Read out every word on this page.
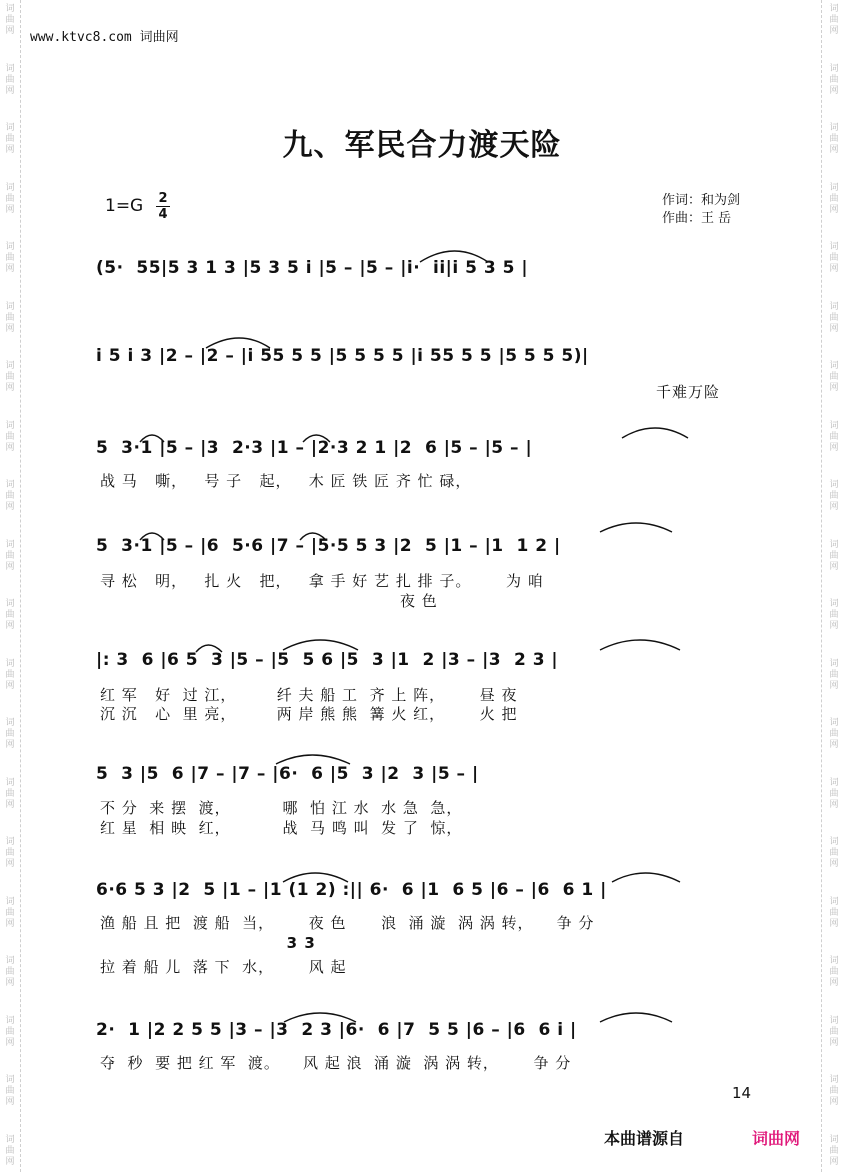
词
曲
网
词
曲
网
词
曲
网
词
曲
网
词
曲
网
词
曲
网
词
曲
网
词
曲
网
词
曲
网
词
曲
网
词
曲
网
词
曲
网
词
曲
网
词
曲
网
词
曲
网
词
曲
网
词
曲
网
词
曲
网
词
曲
网
词
曲
网
词
曲
网
词
曲
网
词
曲
网
词
曲
网
词
曲
网
词
曲
网
词
曲
网
词
曲
网
词
曲
网
词
曲
网
词
曲
网
词
曲
网
词
曲
网
词
曲
网
词
曲
网
词
曲
网
词
曲
网
词
曲
网
词
曲
网
词
曲
网
www.ktvc8.com 词曲网
九、军民合力渡天险
1=G 2
4
作词：和为剑
作曲：王 岳
(5·  55|5 3 1 3 |5 3 5 i |5 – |5 – |i·  ii|i 5 3 5 |
i 5 i 3 |2 – |2 – |i 55 5 5 |5 5 5 5 |i 55 5 5 |5 5 5 5)|
千难万险
5  3·1 |5 – |3  2·3 |1 – |2·3 2 1 |2  6 |5 – |5 – |
战 马   嘶，   号 子   起，   木 匠 铁 匠 齐 忙 碌，
5  3·1 |5 – |6  5·6 |7 – |5·5 5 3 |2  5 |1 – |1  1 2 |
寻 松   明，   扎 火   把，   拿 手 好 艺 扎 排 子。      为 咱
夜 色
|: 3  6 |6 5  3 |5 – |5  5 6 |5  3 |1  2 |3 – |3  2 3 |
红 军   好  过 江，       纤 夫 船 工  齐 上 阵，      昼 夜
沉 沉   心  里 亮，       两 岸 熊 熊  篝 火 红，      火 把
5  3 |5  6 |7 – |7 – |6·  6 |5  3 |2  3 |5 – |
不 分  来 摆  渡，         哪  怕 江 水  水 急  急，
红 星  相 映  红，         战  马 鸣 叫  发 了  惊，
6·6 5 3 |2  5 |1 – |1 (1 2) :|| 6·  6 |1  6 5 |6 – |6  6 1 |
渔 船 且 把  渡 船  当，      夜 色      浪  涌 漩  涡 涡 转，    争 分
3 3
拉 着 船 儿  落 下  水，      风 起
2·  1 |2 2 5 5 |3 – |3  2 3 |6·  6 |7  5 5 |6 – |6  6 i |
夺  秒  要 把 红 军  渡。    风 起 浪  涌 漩  涡 涡 转，      争 分
14
本曲谱源自	词曲网
